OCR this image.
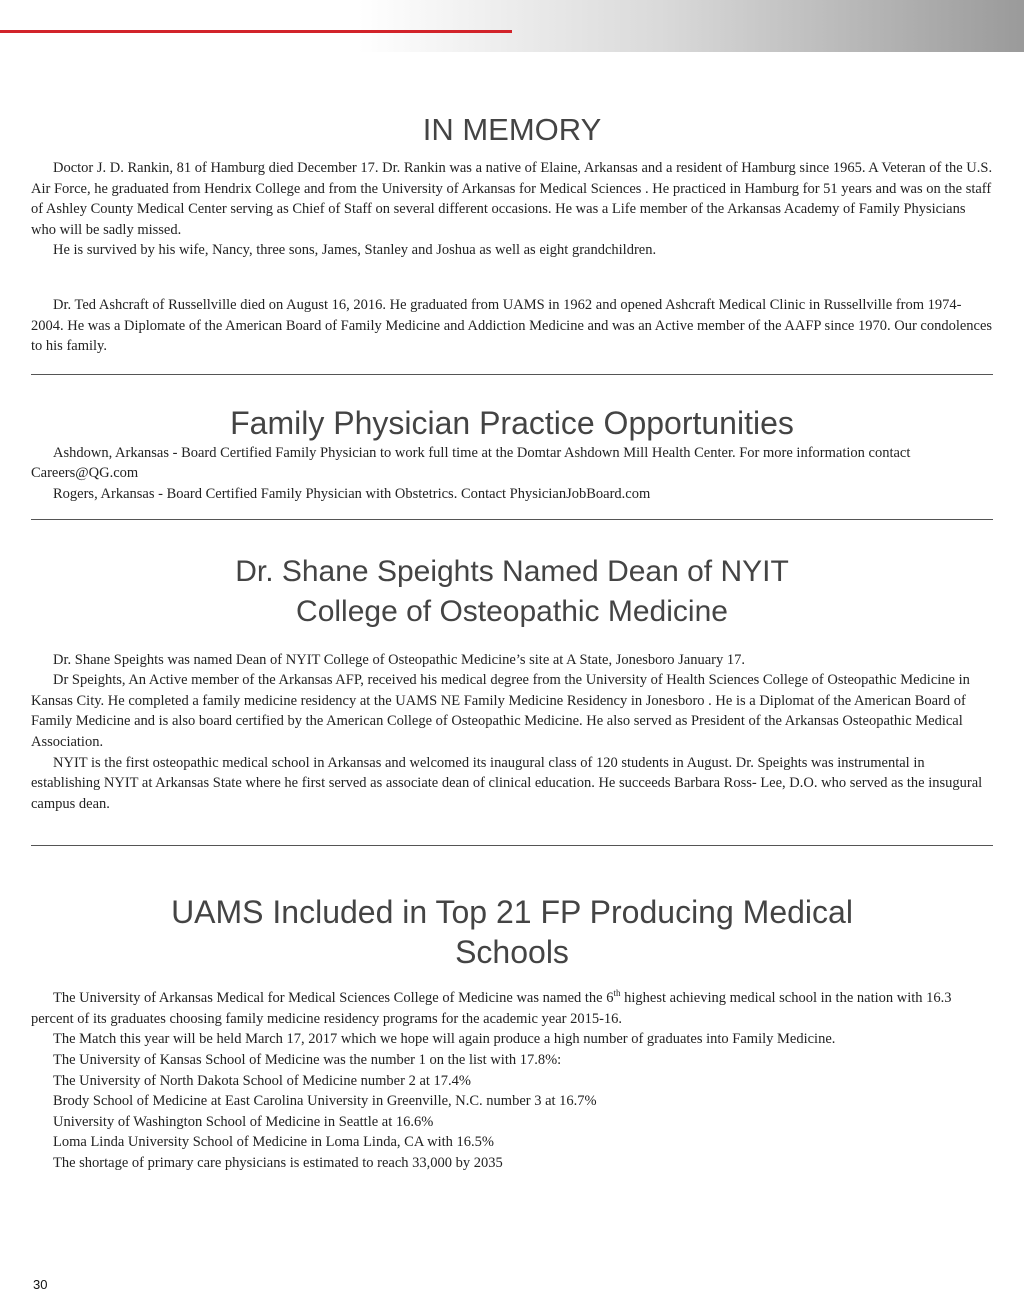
IN MEMORY

Doctor J. D. Rankin, 81 of Hamburg died December 17. Dr. Rankin was a native of Elaine, Arkansas and a resident of Hamburg since 1965. A Veteran of the U.S. Air Force, he graduated from Hendrix College and from the University of Arkansas for Medical Sciences . He practiced in Hamburg for 51 years and was on the staff of Ashley County Medical Center serving as Chief of Staff on several different occasions. He was a Life member of the Arkansas Academy of Family Physicians who will be sadly missed.

He is survived by his wife, Nancy, three sons, James, Stanley and Joshua as well as eight grandchildren.

Dr. Ted Ashcraft of Russellville died on August 16, 2016. He graduated from UAMS in 1962 and opened Ashcraft Medical Clinic in Russellville from 1974-2004. He was a Diplomate of the American Board of Family Medicine and Addiction Medicine and was an Active member of the AAFP since 1970. Our condolences to his family.

Family Physician Practice Opportunities

Ashdown, Arkansas - Board Certified Family Physician to work full time at the Domtar Ashdown Mill Health Center. For more information contact Careers@QG.com

Rogers, Arkansas - Board Certified Family Physician with Obstetrics. Contact PhysicianJobBoard.com

Dr. Shane Speights Named Dean of NYIT
College of Osteopathic Medicine

Dr. Shane Speights was named Dean of NYIT College of Osteopathic Medicine’s site at A State, Jonesboro January 17.

Dr Speights, An Active member of the Arkansas AFP, received his medical degree from the University of Health Sciences College of Osteopathic Medicine in Kansas City. He completed a family medicine residency at the UAMS NE Family Medicine Residency in Jonesboro . He is a Diplomat of the American Board of Family Medicine and is also board certified by the American College of Osteopathic Medicine. He also served as President of the Arkansas Osteopathic Medical Association.

NYIT is the first osteopathic medical school in Arkansas and welcomed its inaugural class of 120 students in August. Dr. Speights was instrumental in establishing NYIT at Arkansas State where he first served as associate dean of clinical education. He succeeds Barbara Ross- Lee, D.O. who served as the insugural campus dean.

UAMS Included in Top 21 FP Producing Medical
Schools

The University of Arkansas Medical for Medical Sciences College of Medicine was named the 6th highest achieving medical school in the nation with 16.3 percent of its graduates choosing family medicine residency programs for the academic year 2015-16.

The Match this year will be held March 17, 2017 which we hope will again produce a high number of graduates into Family Medicine.

The University of Kansas School of Medicine was the number 1 on the list with 17.8%:

The University of North Dakota School of Medicine number 2 at 17.4%

Brody School of Medicine at East Carolina University in Greenville, N.C. number 3 at 16.7%

University of Washington School of Medicine in Seattle at 16.6%

Loma Linda University School of Medicine in Loma Linda, CA with 16.5%

The shortage of primary care physicians is estimated to reach 33,000 by 2035

30
